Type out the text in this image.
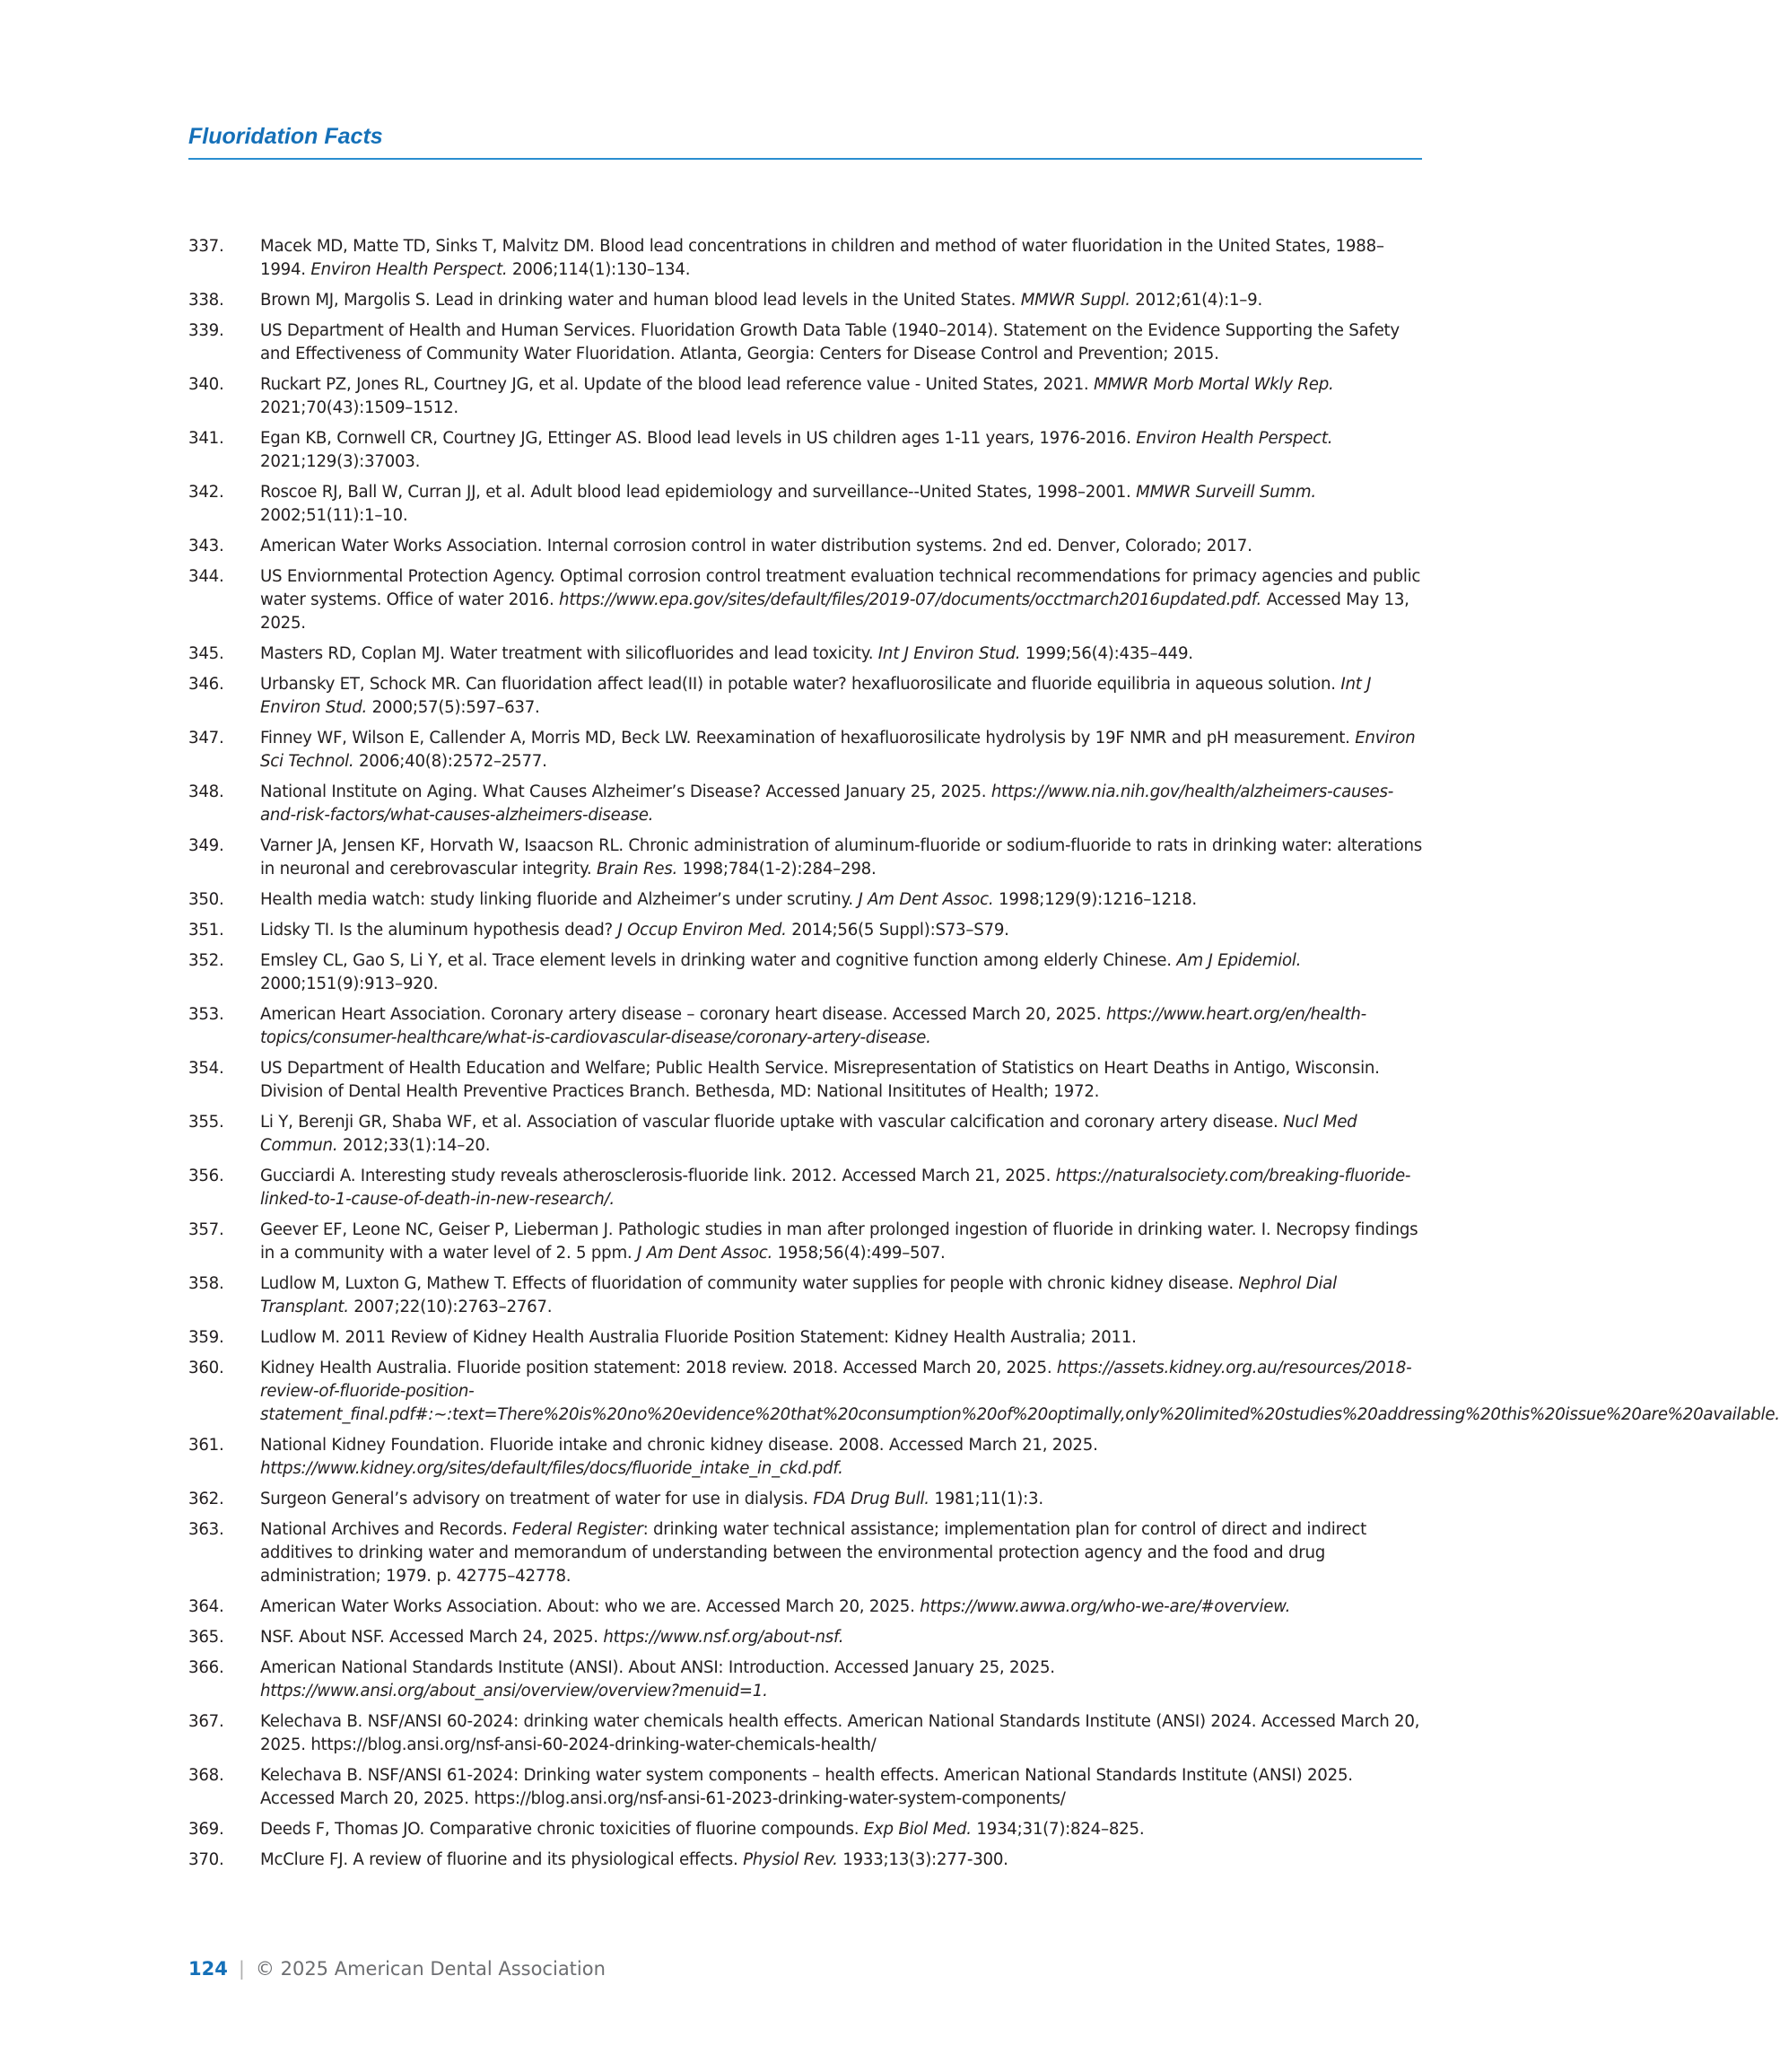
Fluoridation Facts
337. Macek MD, Matte TD, Sinks T, Malvitz DM. Blood lead concentrations in children and method of water fluoridation in the United States, 1988–1994. Environ Health Perspect. 2006;114(1):130–134.
338. Brown MJ, Margolis S. Lead in drinking water and human blood lead levels in the United States. MMWR Suppl. 2012;61(4):1–9.
339. US Department of Health and Human Services. Fluoridation Growth Data Table (1940–2014). Statement on the Evidence Supporting the Safety and Effectiveness of Community Water Fluoridation. Atlanta, Georgia: Centers for Disease Control and Prevention; 2015.
340. Ruckart PZ, Jones RL, Courtney JG, et al. Update of the blood lead reference value - United States, 2021. MMWR Morb Mortal Wkly Rep. 2021;70(43):1509–1512.
341. Egan KB, Cornwell CR, Courtney JG, Ettinger AS. Blood lead levels in US children ages 1-11 years, 1976-2016. Environ Health Perspect. 2021;129(3):37003.
342. Roscoe RJ, Ball W, Curran JJ, et al. Adult blood lead epidemiology and surveillance--United States, 1998–2001. MMWR Surveill Summ. 2002;51(11):1–10.
343. American Water Works Association. Internal corrosion control in water distribution systems. 2nd ed. Denver, Colorado; 2017.
344. US Enviornmental Protection Agency. Optimal corrosion control treatment evaluation technical recommendations for primacy agencies and public water systems. Office of water 2016. https://www.epa.gov/sites/default/files/2019-07/documents/occtmarch2016updated.pdf. Accessed May 13, 2025.
345. Masters RD, Coplan MJ. Water treatment with silicofluorides and lead toxicity. Int J Environ Stud. 1999;56(4):435–449.
346. Urbansky ET, Schock MR. Can fluoridation affect lead(II) in potable water? hexafluorosilicate and fluoride equilibria in aqueous solution. Int J Environ Stud. 2000;57(5):597–637.
347. Finney WF, Wilson E, Callender A, Morris MD, Beck LW. Reexamination of hexafluorosilicate hydrolysis by 19F NMR and pH measurement. Environ Sci Technol. 2006;40(8):2572–2577.
348. National Institute on Aging. What Causes Alzheimer’s Disease? Accessed January 25, 2025. https://www.nia.nih.gov/health/alzheimers-causes-and-risk-factors/what-causes-alzheimers-disease.
349. Varner JA, Jensen KF, Horvath W, Isaacson RL. Chronic administration of aluminum-fluoride or sodium-fluoride to rats in drinking water: alterations in neuronal and cerebrovascular integrity. Brain Res. 1998;784(1-2):284–298.
350. Health media watch: study linking fluoride and Alzheimer’s under scrutiny. J Am Dent Assoc. 1998;129(9):1216–1218.
351. Lidsky TI. Is the aluminum hypothesis dead? J Occup Environ Med. 2014;56(5 Suppl):S73–S79.
352. Emsley CL, Gao S, Li Y, et al. Trace element levels in drinking water and cognitive function among elderly Chinese. Am J Epidemiol. 2000;151(9):913–920.
353. American Heart Association. Coronary artery disease – coronary heart disease. Accessed March 20, 2025. https://www.heart.org/en/health-topics/consumer-healthcare/what-is-cardiovascular-disease/coronary-artery-disease.
354. US Department of Health Education and Welfare; Public Health Service. Misrepresentation of Statistics on Heart Deaths in Antigo, Wisconsin. Division of Dental Health Preventive Practices Branch. Bethesda, MD: National Insititutes of Health; 1972.
355. Li Y, Berenji GR, Shaba WF, et al. Association of vascular fluoride uptake with vascular calcification and coronary artery disease. Nucl Med Commun. 2012;33(1):14–20.
356. Gucciardi A. Interesting study reveals atherosclerosis-fluoride link. 2012. Accessed March 21, 2025. https://naturalsociety.com/breaking-fluoride-linked-to-1-cause-of-death-in-new-research/.
357. Geever EF, Leone NC, Geiser P, Lieberman J. Pathologic studies in man after prolonged ingestion of fluoride in drinking water. I. Necropsy findings in a community with a water level of 2. 5 ppm. J Am Dent Assoc. 1958;56(4):499–507.
358. Ludlow M, Luxton G, Mathew T. Effects of fluoridation of community water supplies for people with chronic kidney disease. Nephrol Dial Transplant. 2007;22(10):2763–2767.
359. Ludlow M. 2011 Review of Kidney Health Australia Fluoride Position Statement: Kidney Health Australia; 2011.
360. Kidney Health Australia. Fluoride position statement: 2018 review. 2018. Accessed March 20, 2025. https://assets.kidney.org.au/resources/2018-review-of-fluoride-position-statement_final.pdf#:~:text=There%20is%20no%20evidence%20that%20consumption%20of%20optimally,only%20limited%20studies%20addressing%20this%20issue%20are%20available.
361. National Kidney Foundation. Fluoride intake and chronic kidney disease. 2008. Accessed March 21, 2025. https://www.kidney.org/sites/default/files/docs/fluoride_intake_in_ckd.pdf.
362. Surgeon General’s advisory on treatment of water for use in dialysis. FDA Drug Bull. 1981;11(1):3.
363. National Archives and Records. Federal Register: drinking water technical assistance; implementation plan for control of direct and indirect additives to drinking water and memorandum of understanding between the environmental protection agency and the food and drug administration; 1979. p. 42775–42778.
364. American Water Works Association. About: who we are. Accessed March 20, 2025. https://www.awwa.org/who-we-are/#overview.
365. NSF. About NSF. Accessed March 24, 2025. https://www.nsf.org/about-nsf.
366. American National Standards Institute (ANSI). About ANSI: Introduction. Accessed January 25, 2025. https://www.ansi.org/about_ansi/overview/overview?menuid=1.
367. Kelechava B. NSF/ANSI 60-2024: drinking water chemicals health effects. American National Standards Institute (ANSI) 2024. Accessed March 20, 2025. https://blog.ansi.org/nsf-ansi-60-2024-drinking-water-chemicals-health/
368. Kelechava B. NSF/ANSI 61-2024: Drinking water system components – health effects. American National Standards Institute (ANSI) 2025. Accessed March 20, 2025. https://blog.ansi.org/nsf-ansi-61-2023-drinking-water-system-components/
369. Deeds F, Thomas JO. Comparative chronic toxicities of fluorine compounds. Exp Biol Med. 1934;31(7):824–825.
370. McClure FJ. A review of fluorine and its physiological effects. Physiol Rev. 1933;13(3):277-300.
124 | © 2025 American Dental Association
